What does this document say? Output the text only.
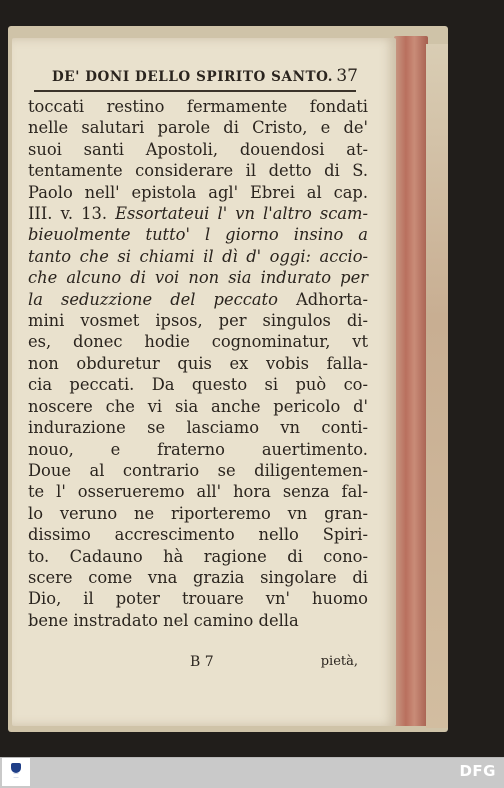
DE' DONI DELLO SPIRITO SANTO. 37
toccati restino fermamente fondati
nelle salutari parole di Cristo, e de'
suoi santi Apostoli, douendosi at-
tentamente considerare il detto di S.
Paolo nell' epistola agl' Ebrei al cap.
III. v. 13. Essortateui l' vn l'altro scam-
bieuolmente tutto' l giorno insino a
tanto che si chiami il dì d' oggi: accio-
che alcuno di voi non sia indurato per
la seduzzione del peccato Adhorta-
mini vosmet ipsos, per singulos di-
es, donec hodie cognominatur, vt
non obduretur quis ex vobis falla-
cia peccati. Da questo si può co-
noscere che vi sia anche pericolo d'
indurazione se lasciamo vn conti-
nouo, e fraterno auertimento.
Doue al contrario se diligentemen-
te l' osserueremo all' hora senza fal-
lo veruno ne riporteremo vn gran-
dissimo accrescimento nello Spiri-
to. Cadauno hà ragione di cono-
scere come vna grazia singolare di
Dio, il poter trouare vn' huomo
bene instradato nel camino della
B 7	pietà,
·····
·····	DFG
